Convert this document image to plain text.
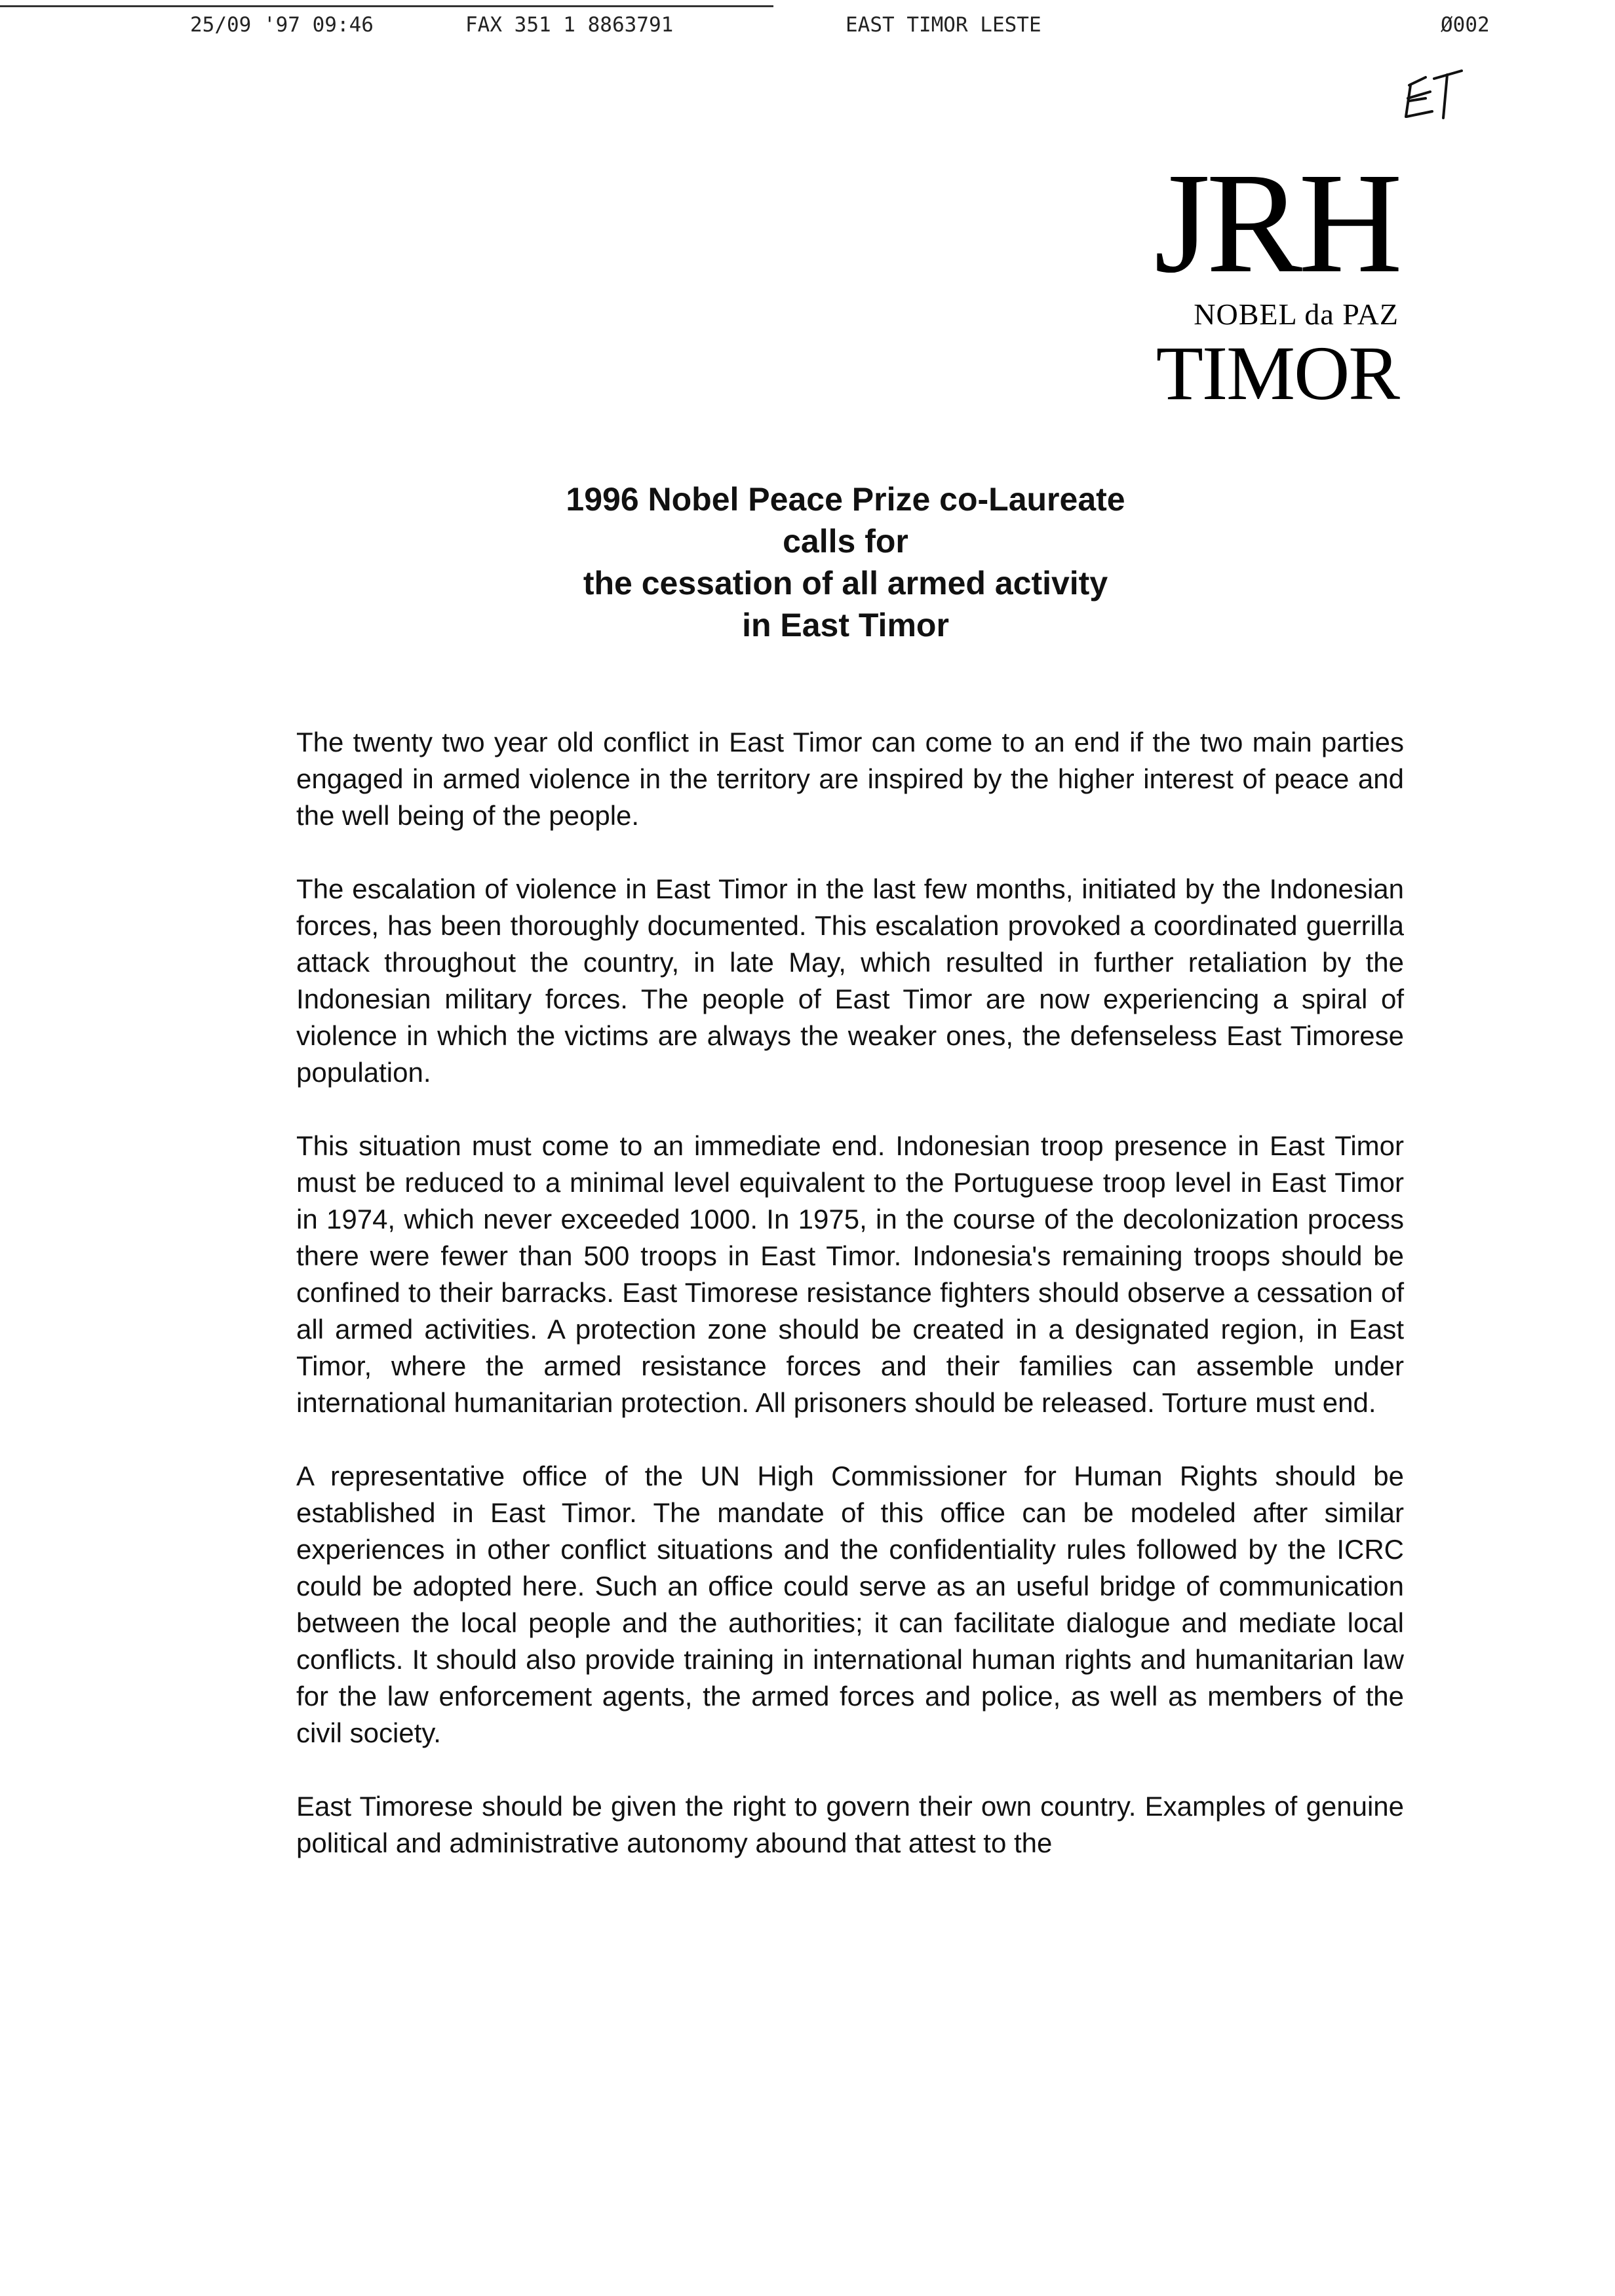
25/09 '97 09:46	FAX 351 1 8863791	EAST TIMOR LESTE	Ø002
JRH
NOBEL da PAZ
TIMOR
1996 Nobel Peace Prize co-Laureate
calls for
the cessation of all armed activity
in East Timor

The twenty two year old conflict in East Timor can come to an end if the two main parties engaged in armed violence in the territory are inspired by the higher interest of peace and the well being of the people.

The escalation of violence in East Timor in the last few months, initiated by the Indonesian forces, has been thoroughly documented. This escalation provoked a coordinated guerrilla attack throughout the country, in late May, which resulted in further retaliation by the Indonesian military forces. The people of East Timor are now experiencing a spiral of violence in which the victims are always the weaker ones, the defenseless East Timorese population.

This situation must come to an immediate end. Indonesian troop presence in East Timor must be reduced to a minimal level equivalent to the Portuguese troop level in East Timor in 1974, which never exceeded 1000. In 1975, in the course of the decolonization process there were fewer than 500 troops in East Timor. Indonesia's remaining troops should be confined to their barracks. East Timorese resistance fighters should observe a cessation of all armed activities. A protection zone should be created in a designated region, in East Timor, where the armed resistance forces and their families can assemble under international humanitarian protection. All prisoners should be released. Torture must end.

A representative office of the UN High Commissioner for Human Rights should be established in East Timor. The mandate of this office can be modeled after similar experiences in other conflict situations and the confidentiality rules followed by the ICRC could be adopted here. Such an office could serve as an useful bridge of communication between the local people and the authorities; it can facilitate dialogue and mediate local conflicts. It should also provide training in international human rights and humanitarian law for the law enforcement agents, the armed forces and police, as well as members of the civil society.

East Timorese should be given the right to govern their own country. Examples of genuine political and administrative autonomy abound that attest to the
